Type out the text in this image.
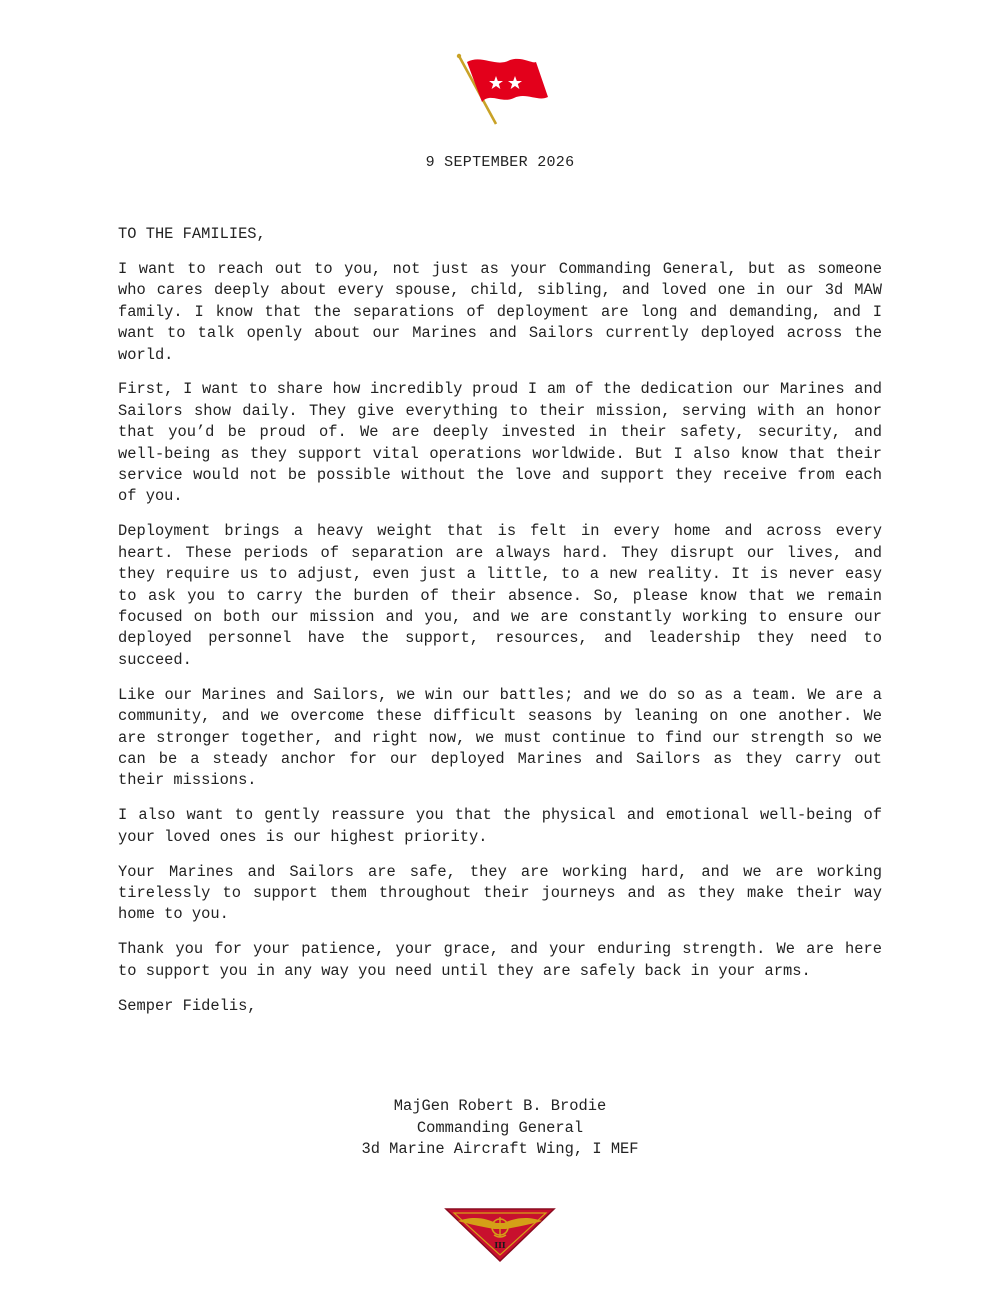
9 SEPTEMBER 2026
TO THE FAMILIES,

I want to reach out to you, not just as your Commanding General, but as someone who cares deeply about every spouse, child, sibling, and loved one in our 3d MAW family. I know that the separations of deployment are long and demanding, and I want to talk openly about our Marines and Sailors currently deployed across the world.

First, I want to share how incredibly proud I am of the dedication our Marines and Sailors show daily. They give everything to their mission, serving with an honor that you’d be proud of. We are deeply invested in their safety, security, and well-being as they support vital operations worldwide. But I also know that their service would not be possible without the love and support they receive from each of you.

Deployment brings a heavy weight that is felt in every home and across every heart. These periods of separation are always hard. They disrupt our lives, and they require us to adjust, even just a little, to a new reality. It is never easy to ask you to carry the burden of their absence. So, please know that we remain focused on both our mission and you, and we are constantly working to ensure our deployed personnel have the support, resources, and leadership they need to succeed.

Like our Marines and Sailors, we win our battles; and we do so as a team. We are a community, and we overcome these difficult seasons by leaning on one another. We are stronger together, and right now, we must continue to find our strength so we can be a steady anchor for our deployed Marines and Sailors as they carry out their missions.

I also want to gently reassure you that the physical and emotional well-being of your loved ones is our highest priority.

Your Marines and Sailors are safe, they are working hard, and we are working tirelessly to support them throughout their journeys and as they make their way home to you.

Thank you for your patience, your grace, and your enduring strength. We are here to support you in any way you need until they are safely back in your arms.

Semper Fidelis,
MajGen Robert B. Brodie
Commanding General
3d Marine Aircraft Wing, I MEF
III
